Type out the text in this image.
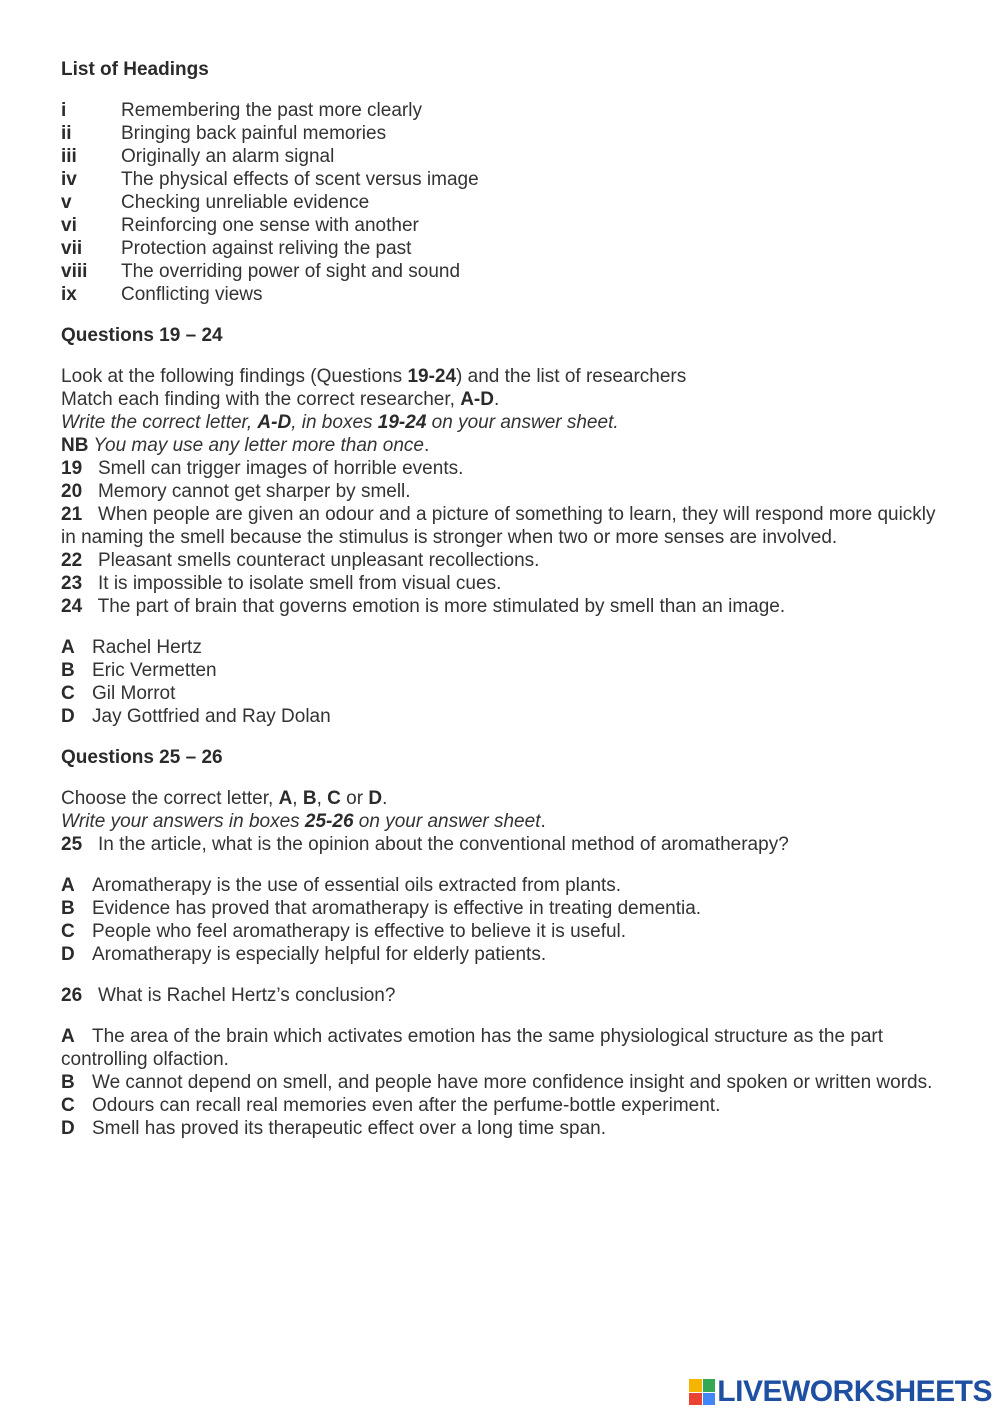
List of Headings
i	Remembering the past more clearly
ii	Bringing back painful memories
iii Originally an alarm signal
iv The physical effects of scent versus image
v	Checking unreliable evidence
vi Reinforcing one sense with another
vii Protection against reliving the past
viii The overriding power of sight and sound
ix Conflicting views
Questions 19 – 24
Look at the following findings (Questions 19-24) and the list of researchers
Match each finding with the correct researcher, A-D.
Write the correct letter, A-D, in boxes 19-24 on your answer sheet.
NB You may use any letter more than once.
19 Smell can trigger images of horrible events.
20 Memory cannot get sharper by smell.
21 When people are given an odour and a picture of something to learn, they will respond more quickly in naming the smell because the stimulus is stronger when two or more senses are involved.
22 Pleasant smells counteract unpleasant recollections.
23 It is impossible to isolate smell from visual cues.
24 The part of brain that governs emotion is more stimulated by smell than an image.
A Rachel Hertz
B Eric Vermetten
C Gil Morrot
D Jay Gottfried and Ray Dolan
Questions 25 – 26
Choose the correct letter, A, B, C or D.
Write your answers in boxes 25-26 on your answer sheet.
25 In the article, what is the opinion about the conventional method of aromatherapy?
A Aromatherapy is the use of essential oils extracted from plants.
B Evidence has proved that aromatherapy is effective in treating dementia.
C People who feel aromatherapy is effective to believe it is useful.
D Aromatherapy is especially helpful for elderly patients.
26 What is Rachel Hertz’s conclusion?
A The area of the brain which activates emotion has the same physiological structure as the part controlling olfaction.
B We cannot depend on smell, and people have more confidence insight and spoken or written words.
C Odours can recall real memories even after the perfume-bottle experiment.
D Smell has proved its therapeutic effect over a long time span.
LIVEWORKSHEETS
